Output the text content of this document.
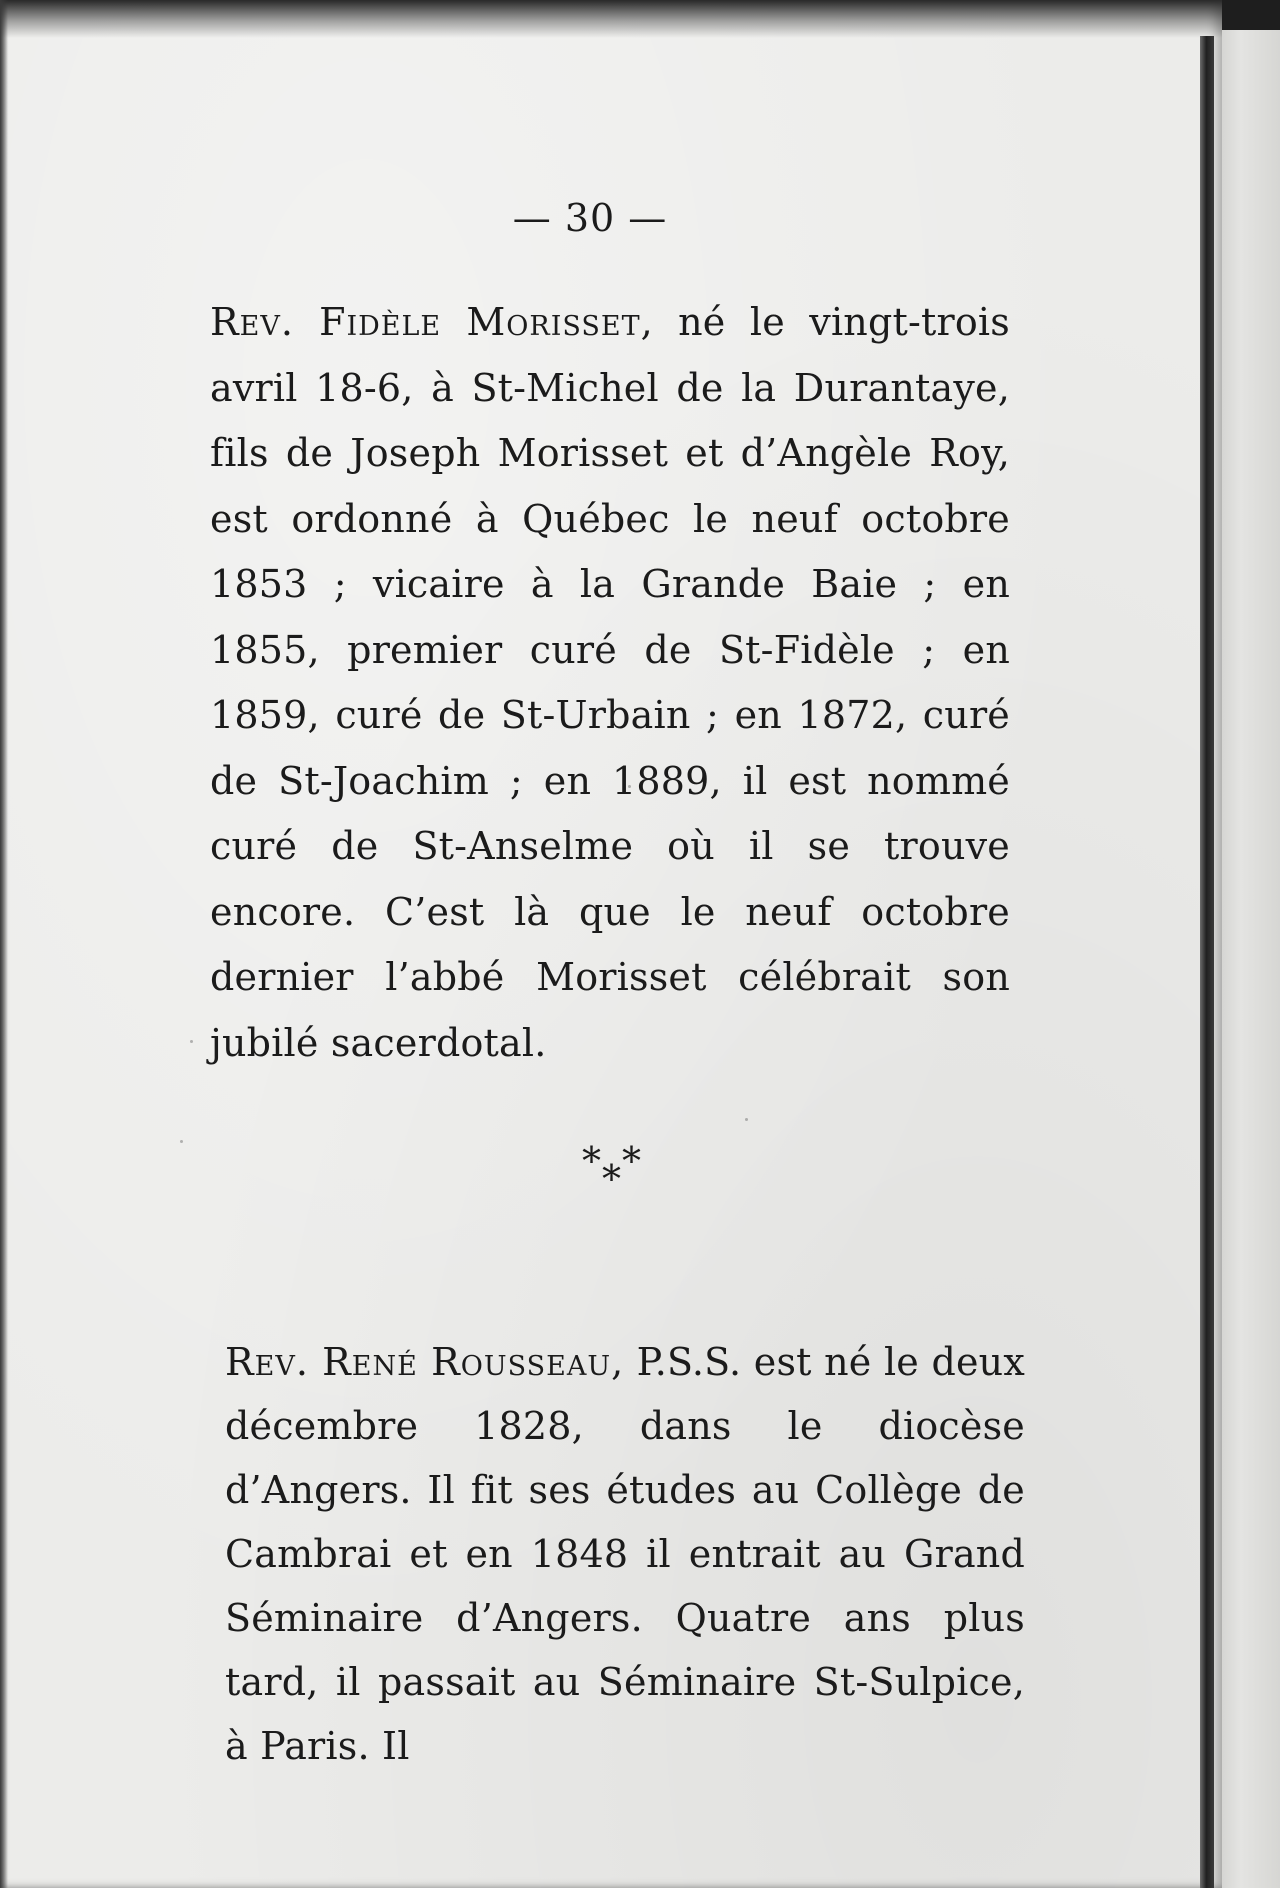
— 30 —
Rev. Fidèle Morisset, né le vingt-trois avril 18-6, à St-Michel de la Durantaye, fils de Joseph Morisset et d’Angèle Roy, est ordonné à Québec le neuf octobre 1853 ; vicaire à la Grande Baie ; en 1855, premier curé de St-Fidèle ; en 1859, curé de St-Urbain ; en 1872, curé de St-Joachim ; en 1889, il est nommé curé de St-Anselme où il se trouve encore. C’est là que le neuf octobre dernier l’abbé Morisset célébrait son jubilé sacerdotal.
* *
*
Rev. René Rousseau, P.S.S. est né le deux décembre 1828, dans le diocèse d’Angers. Il fit ses études au Collège de Cambrai et en 1848 il entrait au Grand Séminaire d’Angers. Quatre ans plus tard, il passait au Séminaire St-Sulpice, à Paris. Il
